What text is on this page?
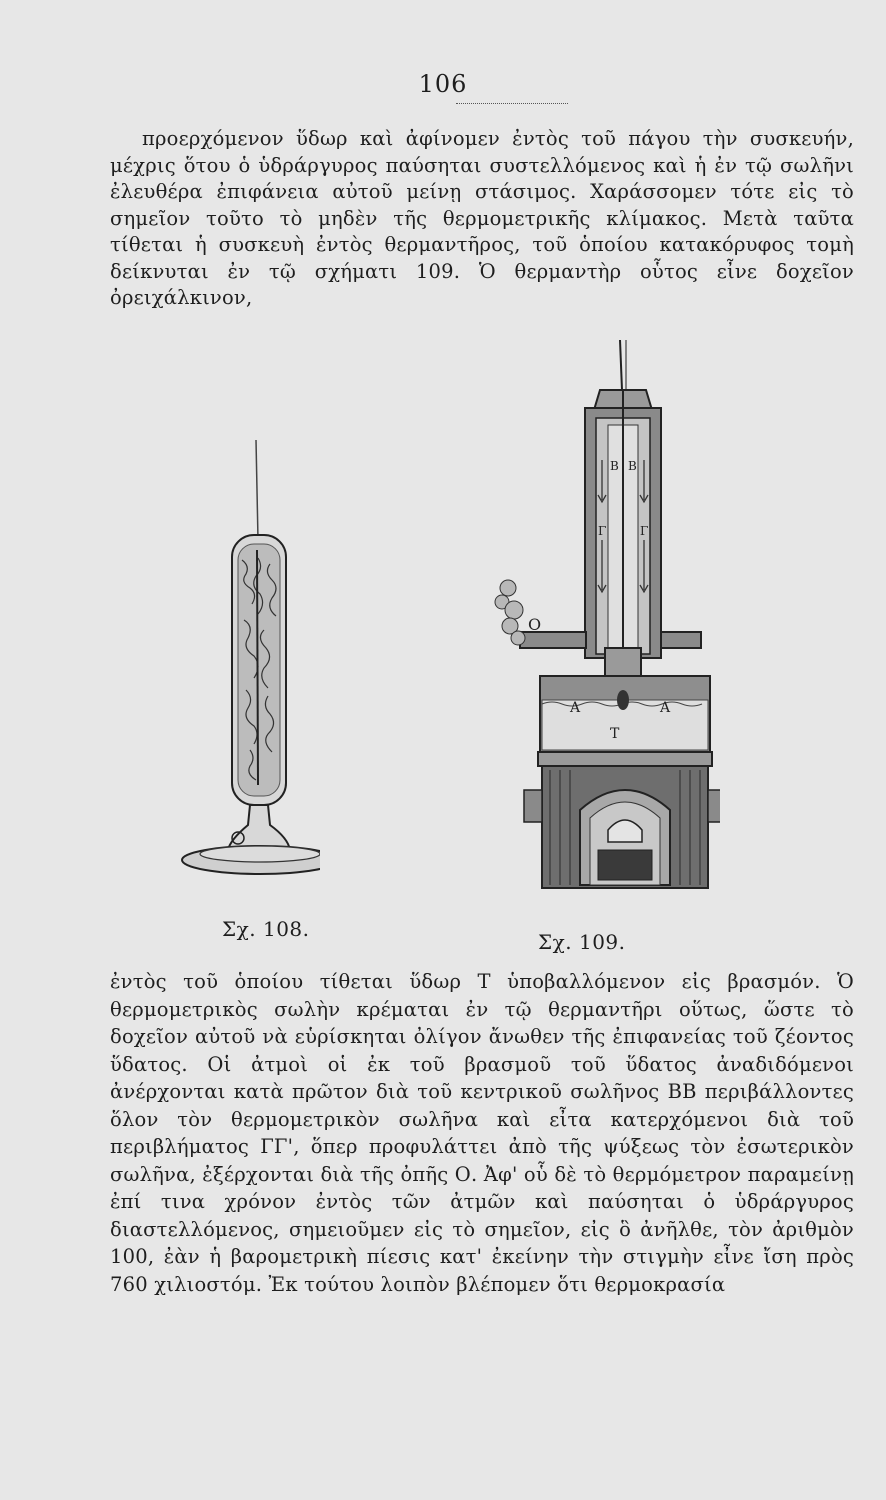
106

προερχόμενον ὕδωρ καὶ ἀφίνομεν ἐντὸς τοῦ πάγου τὴν συσκευήν, μέχρις ὅτου ὁ ὑδράργυρος παύσηται συστελλόμενος καὶ ἡ ἐν τῷ σωλῆνι ἐλευθέρα ἐπιφάνεια αὐτοῦ μείνῃ στάσιμος. Χαράσσομεν τότε εἰς τὸ σημεῖον τοῦτο τὸ μηδὲν τῆς θερμομετρικῆς κλίμακος. Μετὰ ταῦτα τίθεται ἡ συσκευὴ ἐντὸς θερμαντῆρος, τοῦ ὁποίου κατακόρυφος τομὴ δείκνυται ἐν τῷ σχήματι 109. Ὁ θερμαντὴρ οὗτος εἶνε δοχεῖον ὀρειχάλκινον,

Σχ. 108.
B B
Γ	Γ
O
A	A
T
Σχ. 109.

ἐντὸς τοῦ ὁποίου τίθεται ὕδωρ Τ ὑποβαλλόμενον εἰς βρασμόν. Ὁ θερμομετρικὸς σωλὴν κρέμαται ἐν τῷ θερμαντῆρι οὕτως, ὥστε τὸ δοχεῖον αὐτοῦ νὰ εὑρίσκηται ὀλίγον ἄνωθεν τῆς ἐπιφανείας τοῦ ζέοντος ὕδατος. Οἱ ἀτμοὶ οἱ ἐκ τοῦ βρασμοῦ τοῦ ὕδατος ἀναδιδόμενοι ἀνέρχονται κατὰ πρῶτον διὰ τοῦ κεντρικοῦ σωλῆνος ΒΒ περιβάλλοντες ὅλον τὸν θερμομετρικὸν σωλῆνα καὶ εἶτα κατερχόμενοι διὰ τοῦ περιβλήματος ΓΓ', ὅπερ προφυλάττει ἀπὸ τῆς ψύξεως τὸν ἐσωτερικὸν σωλῆνα, ἐξέρχονται διὰ τῆς ὀπῆς Ο. Ἀφ' οὗ δὲ τὸ θερμόμετρον παραμείνῃ ἐπί τινα χρόνον ἐντὸς τῶν ἀτμῶν καὶ παύσηται ὁ ὑδράργυρος διαστελλόμενος, σημειοῦμεν εἰς τὸ σημεῖον, εἰς ὃ ἀνῆλθε, τὸν ἀριθμὸν 100, ἐὰν ἡ βαρομετρικὴ πίεσις κατ' ἐκείνην τὴν στιγμὴν εἶνε ἴση πρὸς 760 χιλιοστόμ. Ἐκ τούτου λοιπὸν βλέπομεν ὅτι θερμοκρασία
